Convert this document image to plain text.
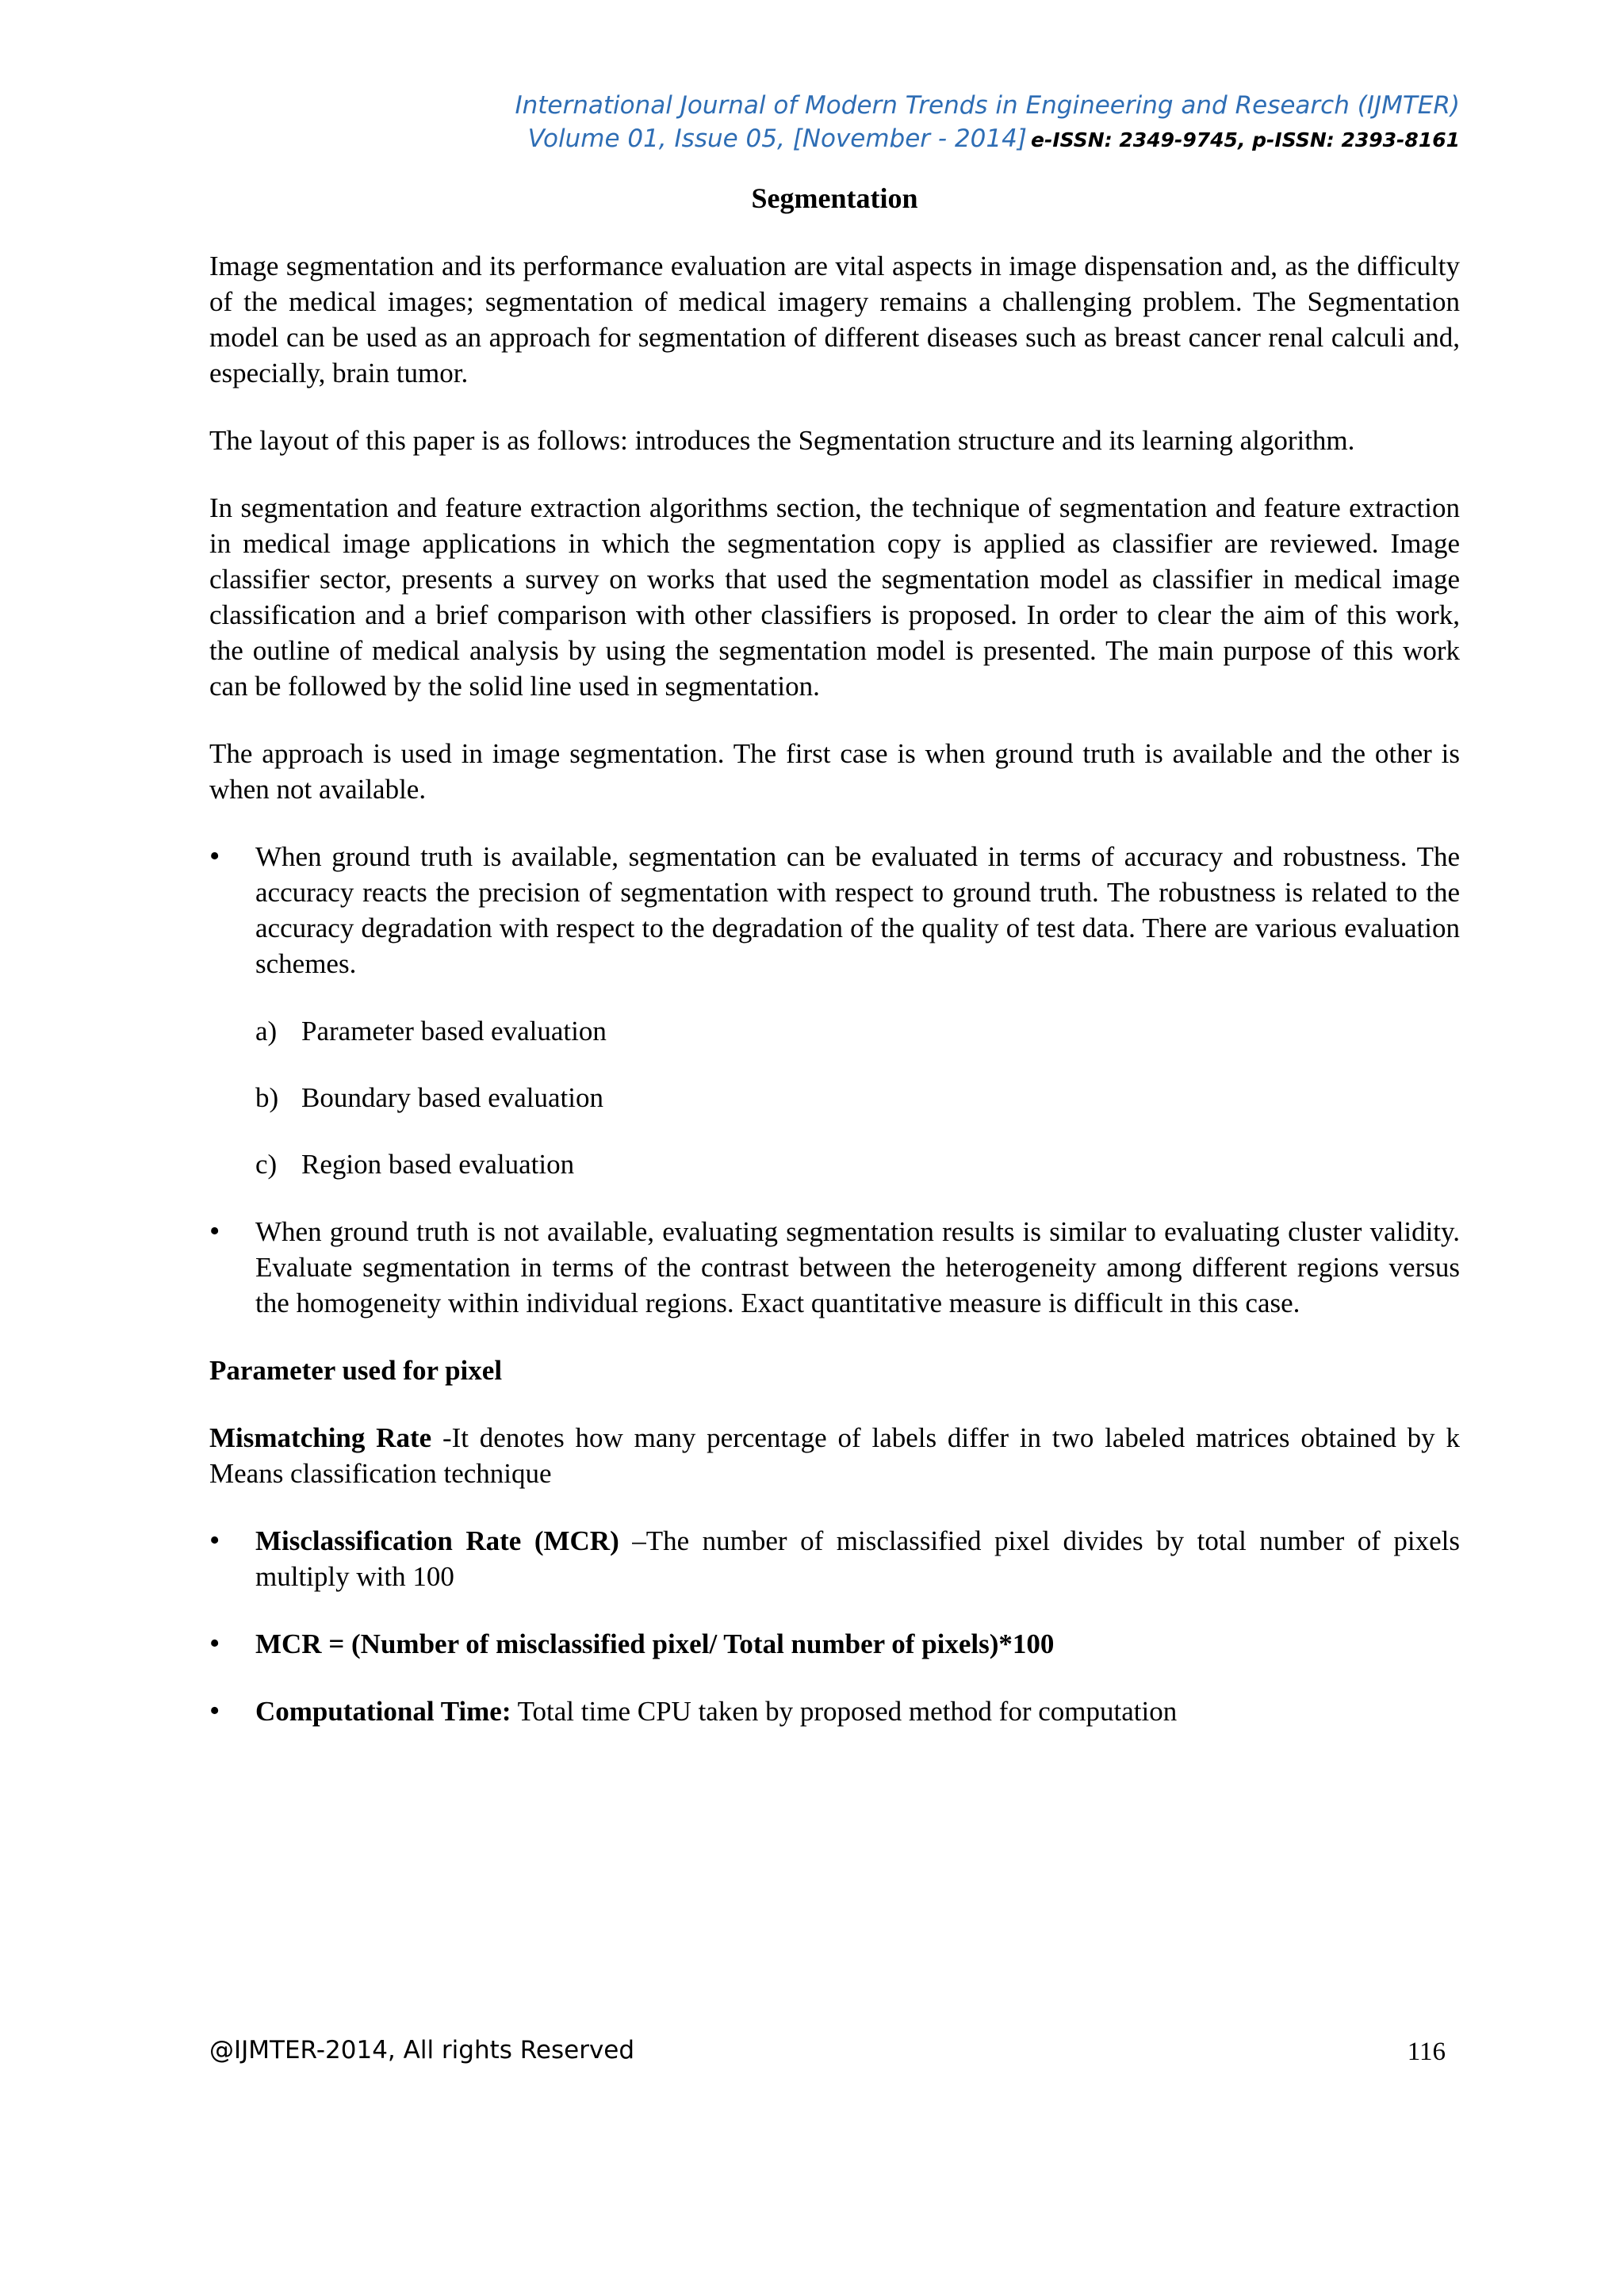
International Journal of Modern Trends in Engineering and Research (IJMTER)
Volume 01, Issue 05, [November - 2014] e-ISSN: 2349-9745, p-ISSN: 2393-8161
Segmentation

Image segmentation and its performance evaluation are vital aspects in image dispensation and, as the difficulty of the medical images; segmentation of medical imagery remains a challenging problem. The Segmentation model can be used as an approach for segmentation of different diseases such as breast cancer renal calculi and, especially, brain tumor.

The layout of this paper is as follows: introduces the Segmentation structure and its learning algorithm.

In segmentation and feature extraction algorithms section, the technique of segmentation and feature extraction in medical image applications in which the segmentation copy is applied as classifier are reviewed. Image classifier sector, presents a survey on works that used the segmentation model as classifier in medical image classification and a brief comparison with other classifiers is proposed. In order to clear the aim of this work, the outline of medical analysis by using the segmentation model is presented. The main purpose of this work can be followed by the solid line used in segmentation.

The approach is used in image segmentation. The first case is when ground truth is available and the other is when not available.

• When ground truth is available, segmentation can be evaluated in terms of accuracy and robustness. The accuracy reacts the precision of segmentation with respect to ground truth. The robustness is related to the accuracy degradation with respect to the degradation of the quality of test data. There are various evaluation schemes.
a) Parameter based evaluation
b) Boundary based evaluation
c) Region based evaluation
• When ground truth is not available, evaluating segmentation results is similar to evaluating cluster validity. Evaluate segmentation in terms of the contrast between the heterogeneity among different regions versus the homogeneity within individual regions. Exact quantitative measure is difficult in this case.
Parameter used for pixel

Mismatching Rate -It denotes how many percentage of labels differ in two labeled matrices obtained by k Means classification technique

• Misclassification Rate (MCR) –The number of misclassified pixel divides by total number of pixels multiply with 100
• MCR = (Number of misclassified pixel/ Total number of pixels)*100
• Computational Time: Total time CPU taken by proposed method for computation
@IJMTER-2014, All rights Reserved	116
